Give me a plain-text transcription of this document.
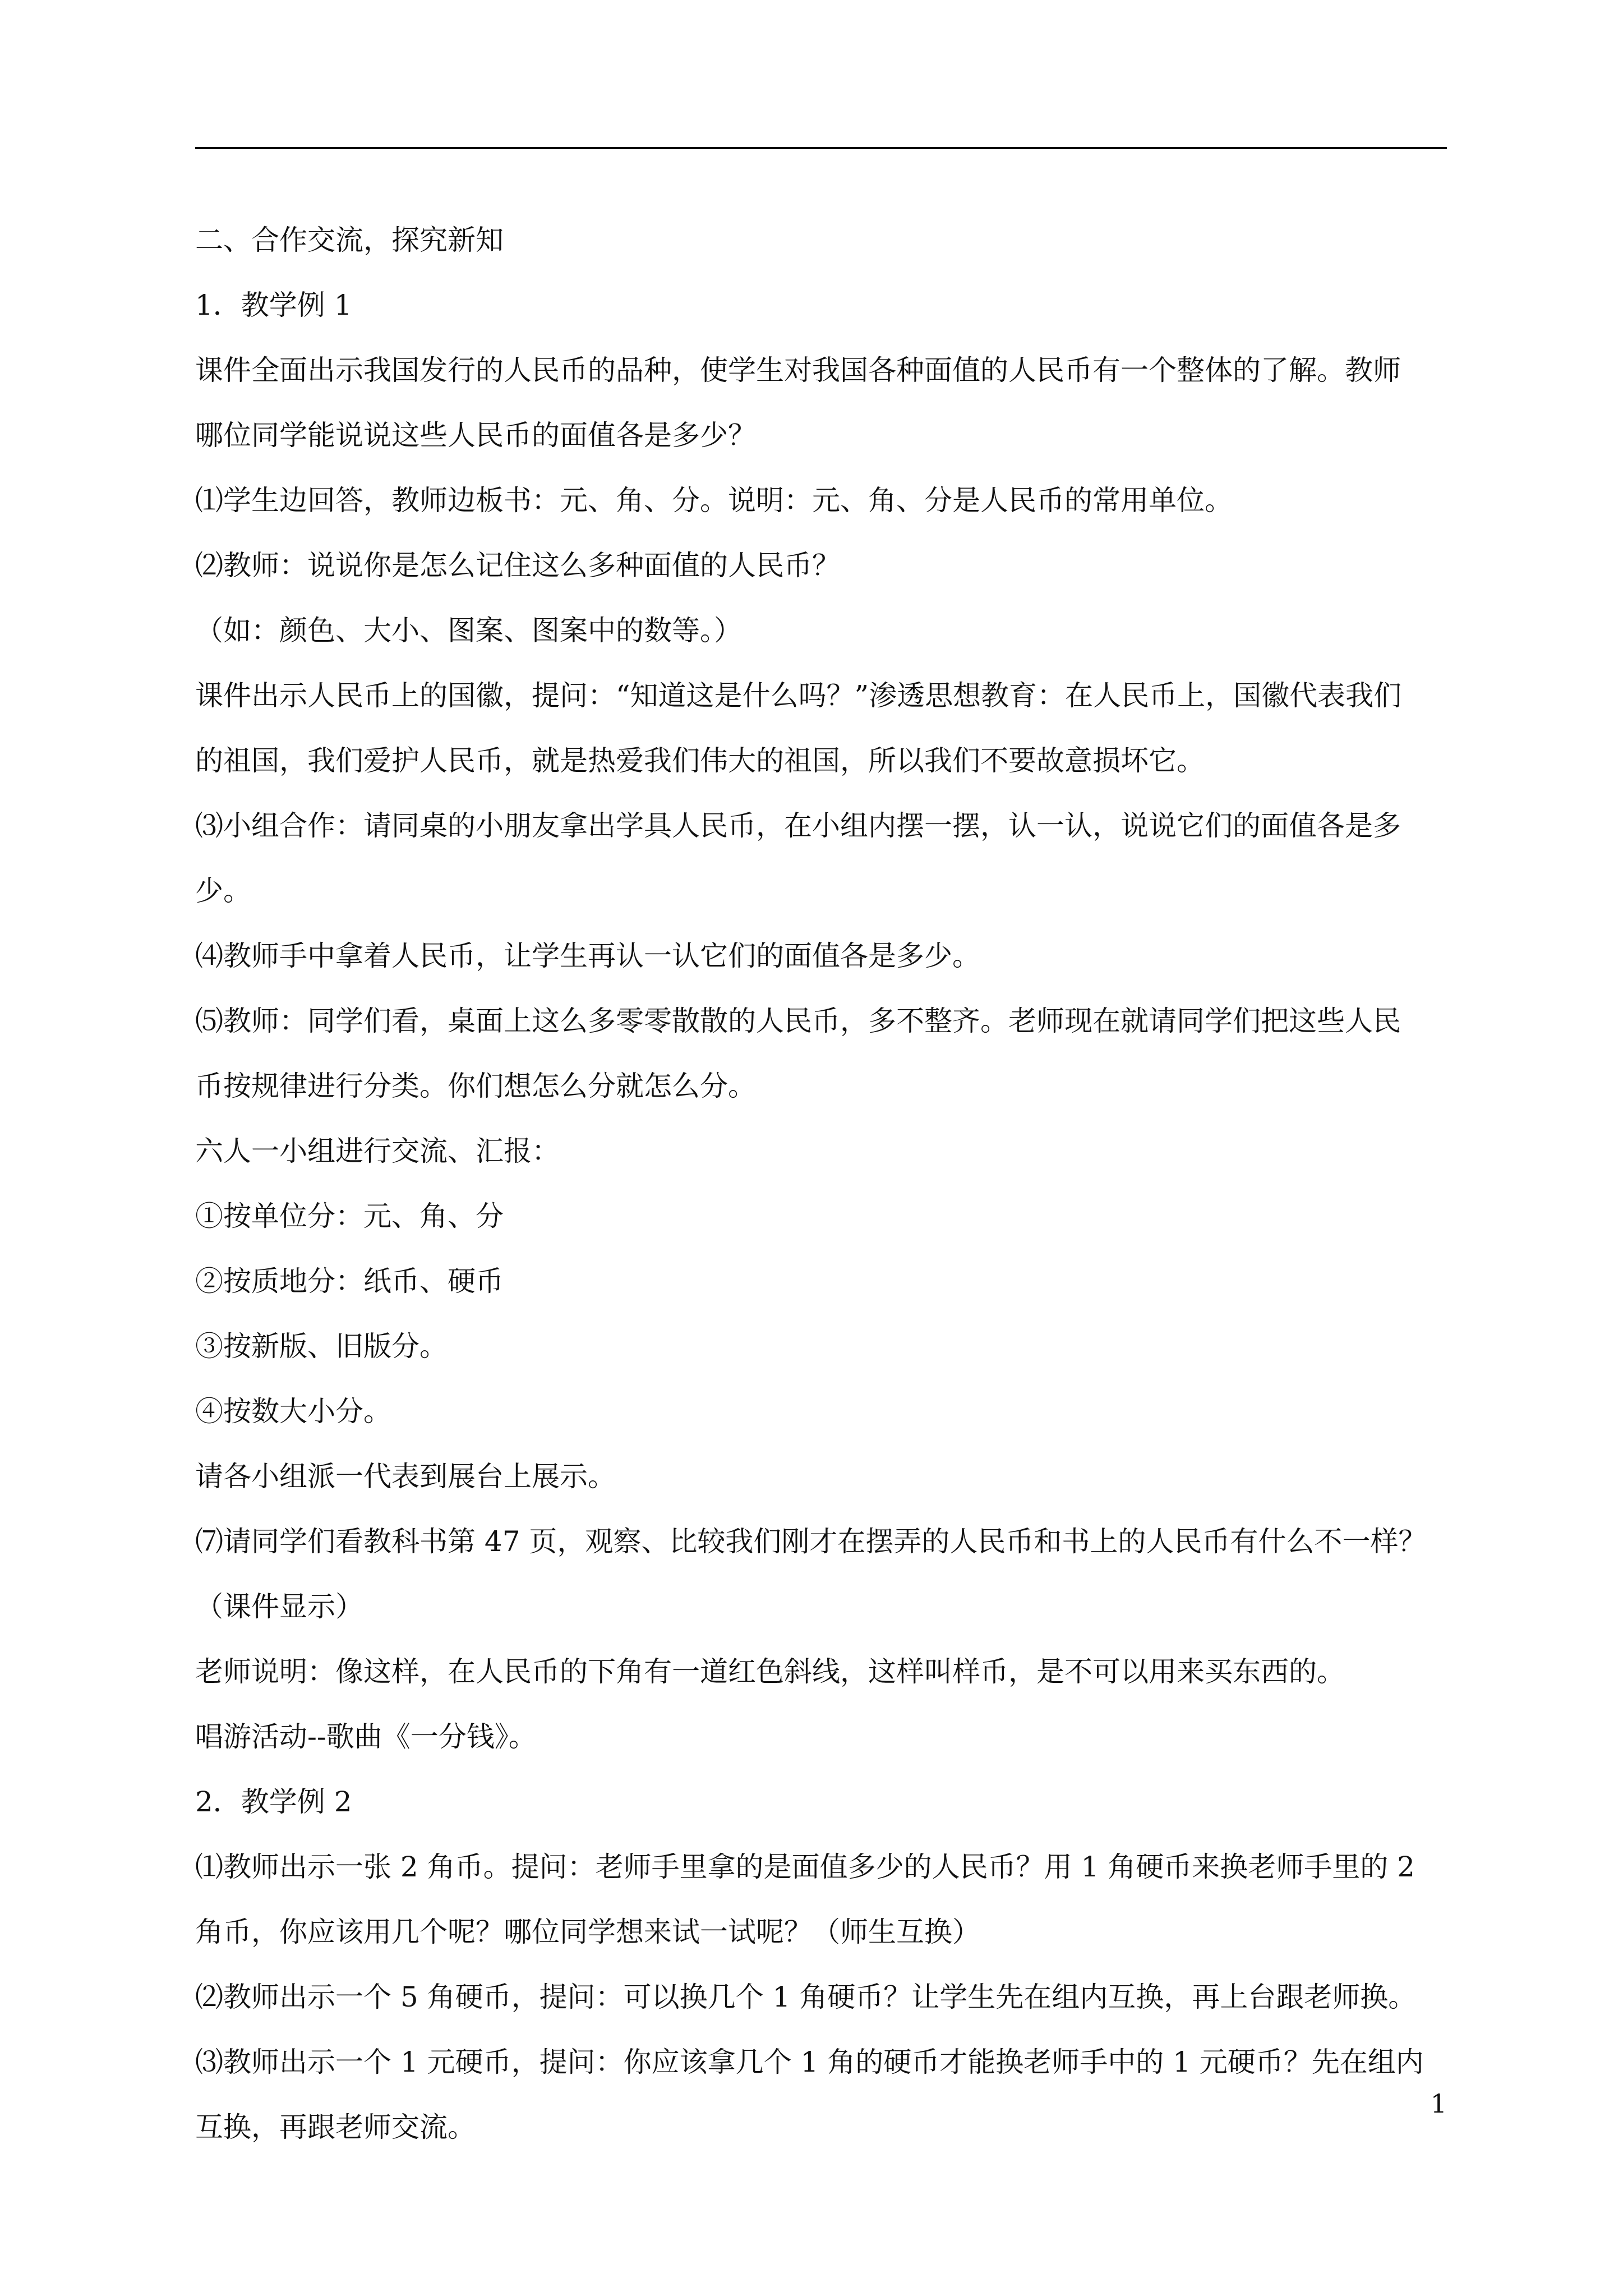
二、合作交流，探究新知

1．教学例 1

课件全面出示我国发行的人民币的品种，使学生对我国各种面值的人民币有一个整体的了解。教师

哪位同学能说说这些人民币的面值各是多少？

⑴学生边回答，教师边板书：元、角、分。说明：元、角、分是人民币的常用单位。

⑵教师：说说你是怎么记住这么多种面值的人民币？

（如：颜色、大小、图案、图案中的数等。）

课件出示人民币上的国徽，提问：“知道这是什么吗？”渗透思想教育：在人民币上，国徽代表我们

的祖国，我们爱护人民币，就是热爱我们伟大的祖国，所以我们不要故意损坏它。

⑶小组合作：请同桌的小朋友拿出学具人民币，在小组内摆一摆，认一认，说说它们的面值各是多

少。

⑷教师手中拿着人民币，让学生再认一认它们的面值各是多少。

⑸教师：同学们看，桌面上这么多零零散散的人民币，多不整齐。老师现在就请同学们把这些人民

币按规律进行分类。你们想怎么分就怎么分。

六人一小组进行交流、汇报：

①按单位分：元、角、分

②按质地分：纸币、硬币

③按新版、旧版分。

④按数大小分。

请各小组派一代表到展台上展示。

⑺请同学们看教科书第 47 页，观察、比较我们刚才在摆弄的人民币和书上的人民币有什么不一样？

（课件显示）

老师说明：像这样，在人民币的下角有一道红色斜线，这样叫样币，是不可以用来买东西的。

唱游活动--歌曲《一分钱》。

2．教学例 2

⑴教师出示一张 2 角币。提问：老师手里拿的是面值多少的人民币？用 1 角硬币来换老师手里的 2

角币，你应该用几个呢？哪位同学想来试一试呢？（师生互换）

⑵教师出示一个 5 角硬币，提问：可以换几个 1 角硬币？让学生先在组内互换，再上台跟老师换。

⑶教师出示一个 1 元硬币，提问：你应该拿几个 1 角的硬币才能换老师手中的 1 元硬币？先在组内

互换，再跟老师交流。

1
